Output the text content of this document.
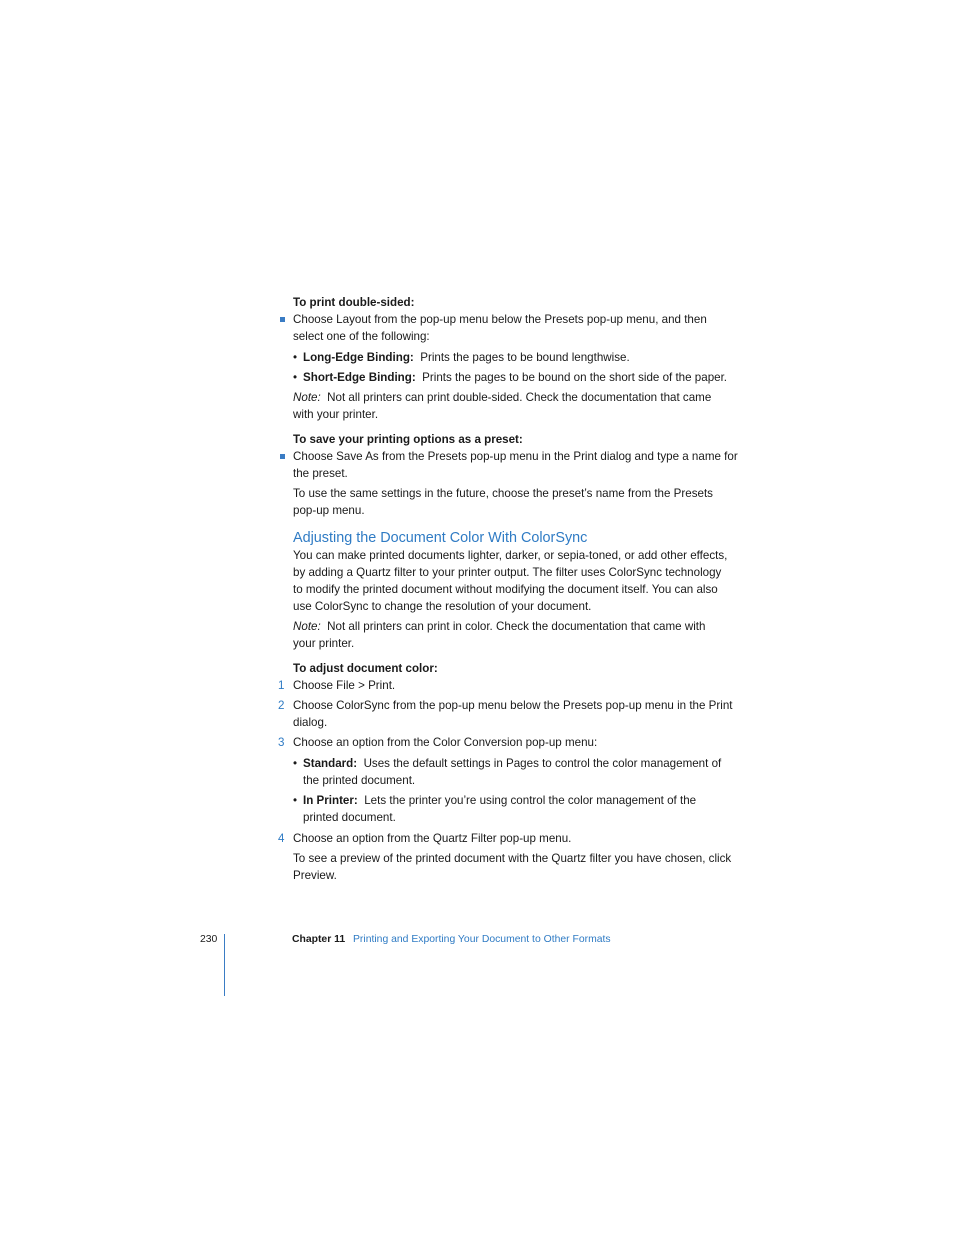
To print double-sided:
Choose Layout from the pop-up menu below the Presets pop-up menu, and then
select one of the following:
• Long-Edge Binding: Prints the pages to be bound lengthwise.
• Short-Edge Binding: Prints the pages to be bound on the short side of the paper.
Note: Not all printers can print double-sided. Check the documentation that came
with your printer.
To save your printing options as a preset:
Choose Save As from the Presets pop-up menu in the Print dialog and type a name for
the preset.
To use the same settings in the future, choose the preset’s name from the Presets
pop-up menu.
Adjusting the Document Color With ColorSync
You can make printed documents lighter, darker, or sepia-toned, or add other effects,
by adding a Quartz filter to your printer output. The filter uses ColorSync technology
to modify the printed document without modifying the document itself. You can also
use ColorSync to change the resolution of your document.
Note: Not all printers can print in color. Check the documentation that came with
your printer.
To adjust document color:
1 Choose File > Print.
2 Choose ColorSync from the pop-up menu below the Presets pop-up menu in the Print
dialog.
3 Choose an option from the Color Conversion pop-up menu:
• Standard: Uses the default settings in Pages to control the color management of
the printed document.
• In Printer: Lets the printer you’re using control the color management of the
printed document.
4 Choose an option from the Quartz Filter pop-up menu.
To see a preview of the printed document with the Quartz filter you have chosen, click
Preview.
230	Chapter 11 Printing and Exporting Your Document to Other Formats
